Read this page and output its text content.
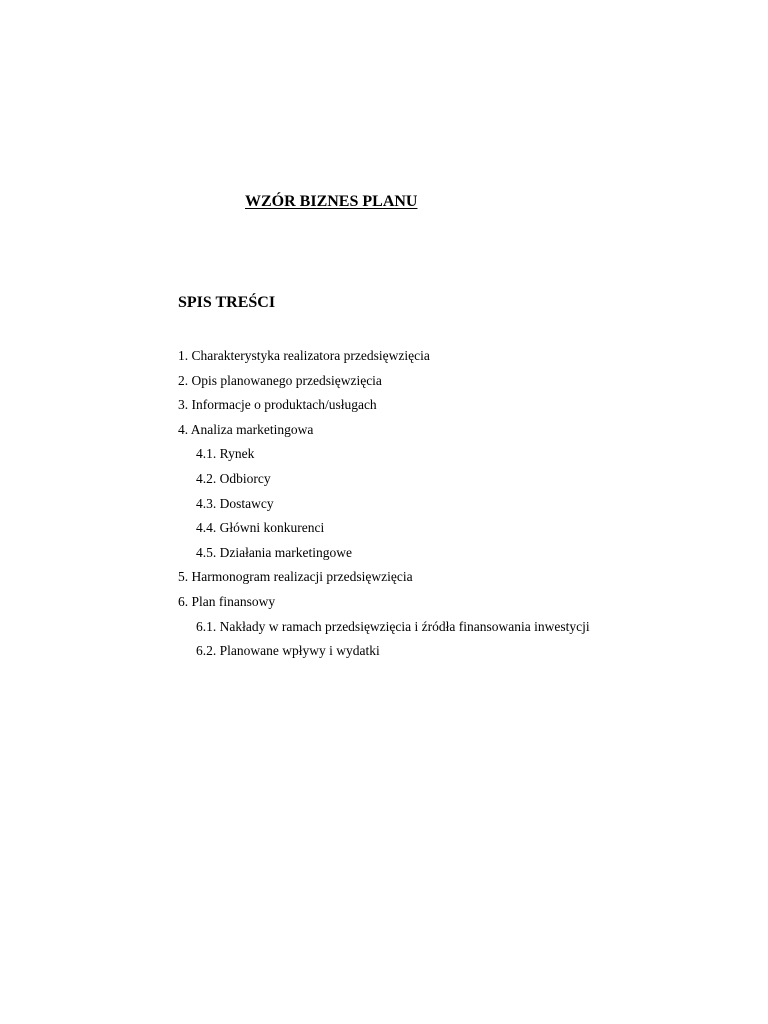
WZÓR BIZNES PLANU
SPIS TREŚCI
1. Charakterystyka realizatora przedsięwzięcia
2. Opis planowanego przedsięwzięcia
3. Informacje o produktach/usługach
4. Analiza marketingowa
4.1. Rynek
4.2. Odbiorcy
4.3. Dostawcy
4.4. Główni konkurenci
4.5. Działania marketingowe
5. Harmonogram realizacji przedsięwzięcia
6. Plan finansowy
6.1. Nakłady w ramach przedsięwzięcia i źródła finansowania inwestycji
6.2. Planowane wpływy i wydatki
